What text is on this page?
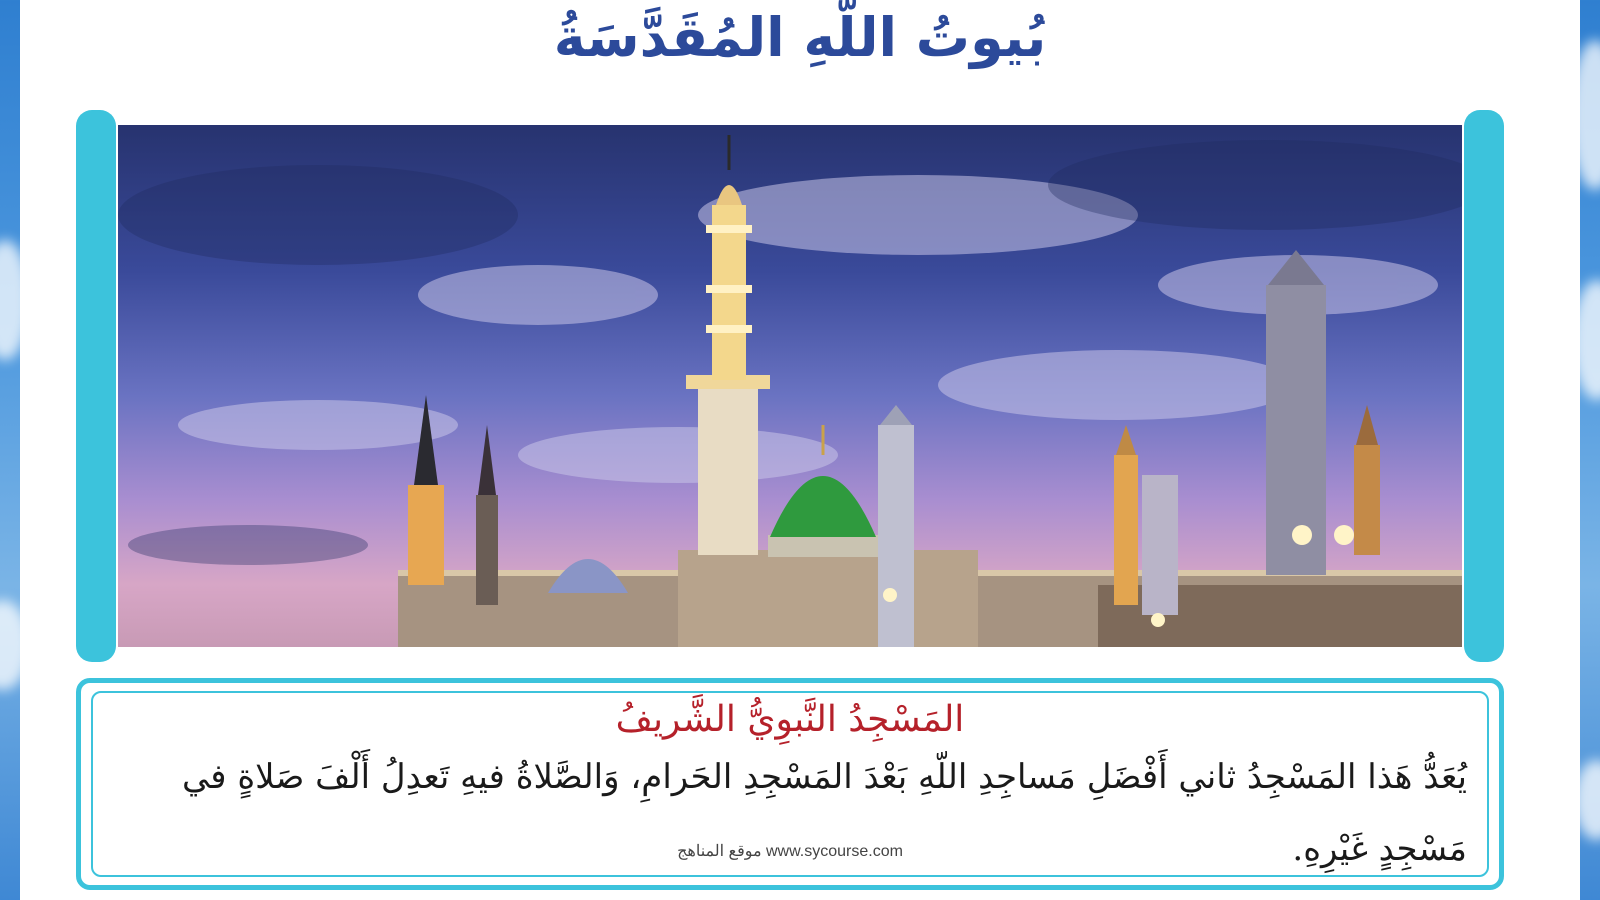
بُيوتُ اللّهِ المُقَدَّسَةُ
المَسْجِدُ النَّبوِيُّ الشَّريفُ
يُعَدُّ هَذا المَسْجِدُ ثاني أَفْضَلِ مَساجِدِ اللّهِ بَعْدَ المَسْجِدِ الحَرامِ، وَالصَّلاةُ فيهِ تَعدِلُ أَلْفَ صَلاةٍ في
موقع المناهج www.sycourse.com	مَسْجِدٍ غَيْرِهِ.
